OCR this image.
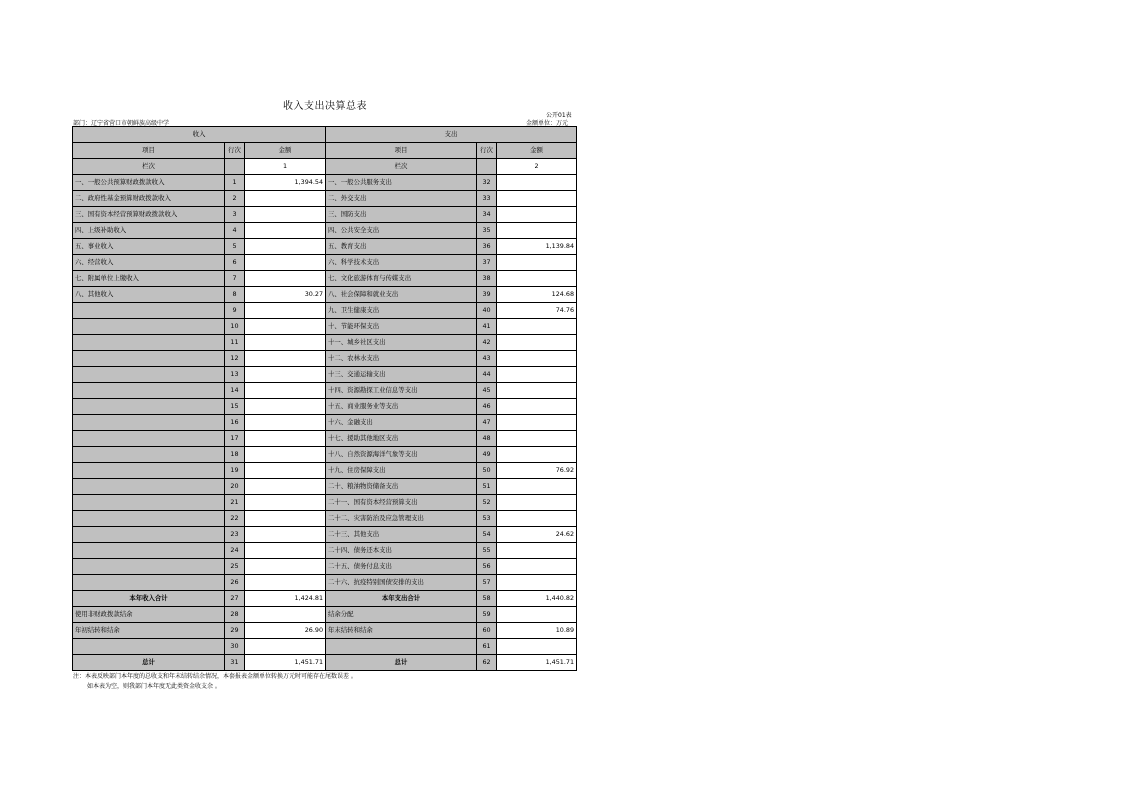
收入支出决算总表
公开01表
部门：辽宁省营口市朝鲜族高级中学	金额单位：万元
收入			支出		
项目	行次	金额	项目	行次	金额
栏次		1	栏次		2
一、一般公共预算财政拨款收入	1	1,394.54	一、一般公共服务支出	32	
二、政府性基金预算财政拨款收入	2		二、外交支出	33	
三、国有资本经营预算财政拨款收入	3		三、国防支出	34	
四、上级补助收入	4		四、公共安全支出	35	
五、事业收入	5		五、教育支出	36	1,139.84
六、经营收入	6		六、科学技术支出	37	
七、附属单位上缴收入	7		七、文化旅游体育与传媒支出	38	
八、其他收入	8	30.27	八、社会保障和就业支出	39	124.68
	9		九、卫生健康支出	40	74.76
	10		十、节能环保支出	41	
	11		十一、城乡社区支出	42	
	12		十二、农林水支出	43	
	13		十三、交通运输支出	44	
	14		十四、资源勘探工业信息等支出	45	
	15		十五、商业服务业等支出	46	
	16		十六、金融支出	47	
	17		十七、援助其他地区支出	48	
	18		十八、自然资源海洋气象等支出	49	
	19		十九、住房保障支出	50	76.92
	20		二十、粮油物资储备支出	51	
	21		二十一、国有资本经营预算支出	52	
	22		二十二、灾害防治及应急管理支出	53	
	23		二十三、其他支出	54	24.62
	24		二十四、债务还本支出	55	
	25		二十五、债务付息支出	56	
	26		二十六、抗疫特别国债安排的支出	57	
本年收入合计	27	1,424.81	本年支出合计	58	1,440.82
使用非财政拨款结余	28		结余分配	59	
年初结转和结余	29	26.90	年末结转和结余	60	10.89
	30			61	
总计	31	1,451.71	总计	62	1,451.71
注：本表反映部门本年度的总收支和年末结转结余情况，本套报表金额单位转换万元时可能存在尾数误差 。
如本表为空，则我部门本年度无此类资金收支余 。
